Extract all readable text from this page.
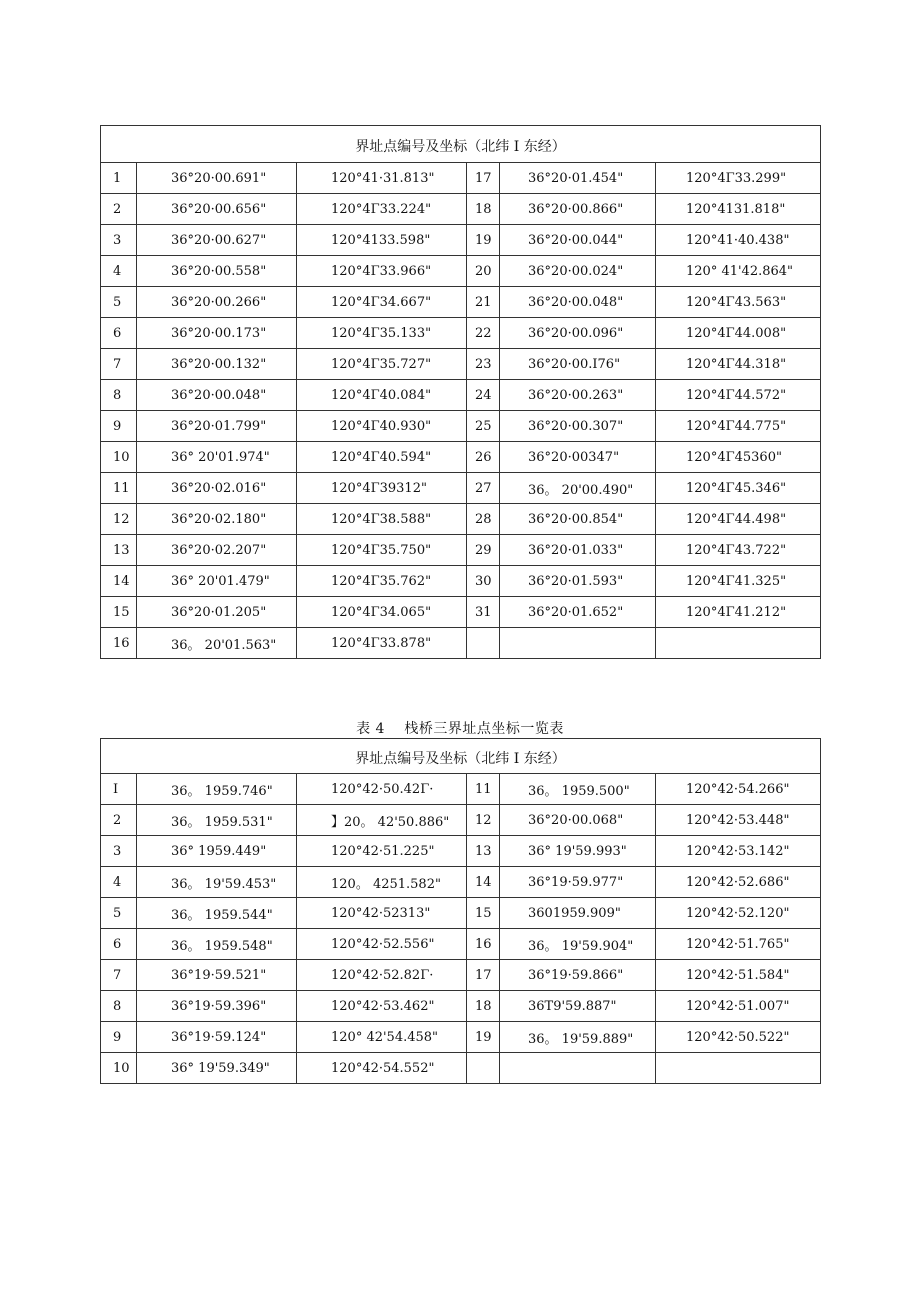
界址点编号及坐标（北纬 I 东经）					
1	36°20·00.691"	120°41·31.813"	17	36°20·01.454"	120°4Γ33.299"
2	36°20·00.656"	120°4Γ33.224"	18	36°20·00.866"	120°4131.818"
3	36°20·00.627"	120°4133.598"	19	36°20·00.044"	120°41·40.438"
4	36°20·00.558"	120°4Γ33.966"	20	36°20·00.024"	120° 41'42.864"
5	36°20·00.266"	120°4Γ34.667"	21	36°20·00.048"	120°4Γ43.563"
6	36°20·00.173"	120°4Γ35.133"	22	36°20·00.096"	120°4Γ44.008"
7	36°20·00.132"	120°4Γ35.727"	23	36°20·00.I76"	120°4Γ44.318"
8	36°20·00.048"	120°4Γ40.084"	24	36°20·00.263"	120°4Γ44.572"
9	36°20·01.799"	120°4Γ40.930"	25	36°20·00.307"	120°4Γ44.775"
10	36° 20'01.974"	120°4Γ40.594"	26	36°20·00347"	120°4Γ45360"
11	36°20·02.016"	120°4Γ39312"	27	36。 20'00.490"	120°4Γ45.346"
12	36°20·02.180"	120°4Γ38.588"	28	36°20·00.854"	120°4Γ44.498"
13	36°20·02.207"	120°4Γ35.750"	29	36°20·01.033"	120°4Γ43.722"
14	36° 20'01.479"	120°4Γ35.762"	30	36°20·01.593"	120°4Γ41.325"
15	36°20·01.205"	120°4Γ34.065"	31	36°20·01.652"	120°4Γ41.212"
16	36。 20'01.563"	120°4Γ33.878"			
表 4　 栈桥三界址点坐标一览表
界址点编号及坐标（北纬 I 东经）					
I	36。 1959.746"	120°42·50.42Γ·	11	36。 1959.500"	120°42·54.266"
2	36。 1959.531"	】20。 42'50.886"	12	36°20·00.068"	120°42·53.448"
3	36° 1959.449"	120°42·51.225"	13	36° 19'59.993"	120°42·53.142"
4	36。 19'59.453"	120。 4251.582"	14	36°19·59.977"	120°42·52.686"
5	36。 1959.544"	120°42·52313"	15	3601959.909"	120°42·52.120"
6	36。 1959.548"	120°42·52.556"	16	36。 19'59.904"	120°42·51.765"
7	36°19·59.521"	120°42·52.82Γ·	17	36°19·59.866"	120°42·51.584"
8	36°19·59.396"	120°42·53.462"	18	36T9'59.887"	120°42·51.007"
9	36°19·59.124"	120° 42'54.458"	19	36。 19'59.889"	120°42·50.522"
10	36° 19'59.349"	120°42·54.552"			
